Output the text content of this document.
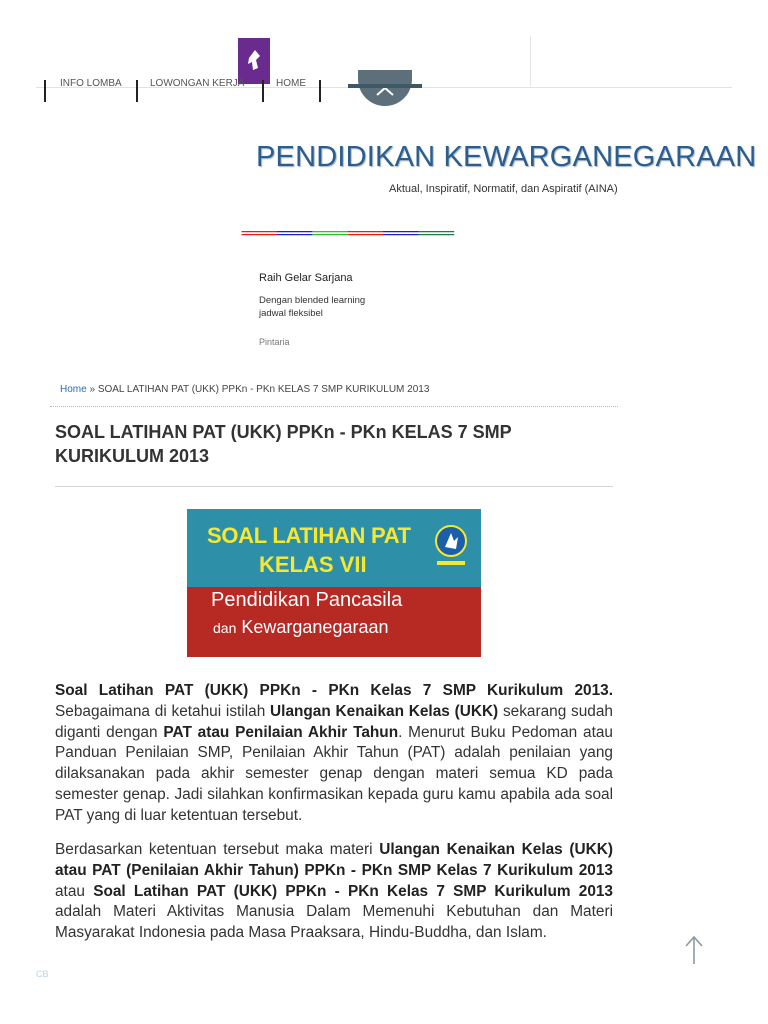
INFO LOMBA	LOWONGAN KERJA	HOME
PENDIDIKAN KEWARGANEGARAAN
Aktual, Inspiratif, Normatif, dan Aspiratif (AINA)
==========================================
Raih Gelar Sarjana
Dengan blended learning
jadwal fleksibel
Pintaria
Home » SOAL LATIHAN PAT (UKK) PPKn - PKn KELAS 7 SMP KURIKULUM 2013
SOAL LATIHAN PAT (UKK) PPKn - PKn KELAS 7 SMP KURIKULUM 2013
SOAL LATIHAN PAT
KELAS VII
Pendidikan Pancasila
dan Kewarganegaraan

Soal Latihan PAT (UKK) PPKn - PKn Kelas 7 SMP Kurikulum 2013. Sebagaimana di ketahui istilah Ulangan Kenaikan Kelas (UKK) sekarang sudah diganti dengan PAT atau Penilaian Akhir Tahun. Menurut Buku Pedoman atau Panduan Penilaian SMP, Penilaian Akhir Tahun (PAT) adalah penilaian yang dilaksanakan pada akhir semester genap dengan materi semua KD pada semester genap. Jadi silahkan konfirmasikan kepada guru kamu apabila ada soal PAT yang di luar ketentuan tersebut.

Berdasarkan ketentuan tersebut maka materi Ulangan Kenaikan Kelas (UKK) atau PAT (Penilaian Akhir Tahun) PPKn - PKn SMP Kelas 7 Kurikulum 2013 atau Soal Latihan PAT (UKK) PPKn - PKn Kelas 7 SMP Kurikulum 2013 adalah Materi Aktivitas Manusia Dalam Memenuhi Kebutuhan dan Materi Masyarakat Indonesia pada Masa Praaksara, Hindu-Buddha, dan Islam.

CB
